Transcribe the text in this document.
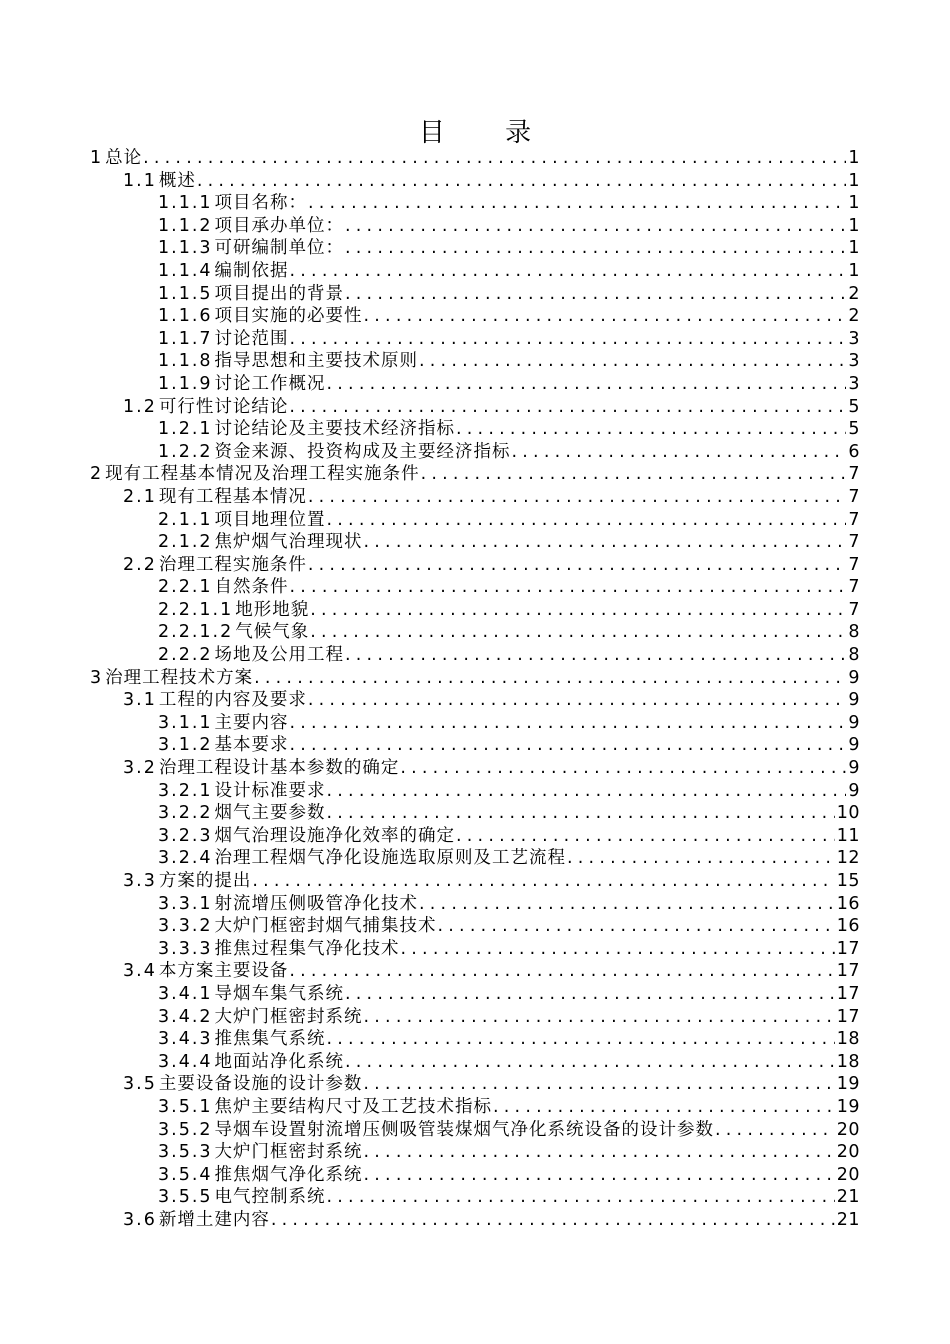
目 录
1 总论 .....	1
1.1 概述 .....	1
1.1.1 项目名称： .....	1
1.1.2 项目承办单位： .....	1
1.1.3 可研编制单位： .....	1
1.1.4 编制依据 .....	1
1.1.5 项目提出的背景 .....	2
1.1.6 项目实施的必要性 .....	2
1.1.7 讨论范围 .....	3
1.1.8 指导思想和主要技术原则 .....	3
1.1.9 讨论工作概况 .....	3
1.2 可行性讨论结论 .....	5
1.2.1 讨论结论及主要技术经济指标 .....	5
1.2.2 资金来源、投资构成及主要经济指标 .....	6
2 现有工程基本情况及治理工程实施条件 .....	7
2.1 现有工程基本情况 .....	7
2.1.1 项目地理位置 .....	7
2.1.2 焦炉烟气治理现状 .....	7
2.2 治理工程实施条件 .....	7
2.2.1 自然条件 .....	7
2.2.1.1 地形地貌 .....	7
2.2.1.2 气候气象 .....	8
2.2.2 场地及公用工程 .....	8
3 治理工程技术方案 .....	9
3.1 工程的内容及要求 .....	9
3.1.1 主要内容 .....	9
3.1.2 基本要求 .....	9
3.2 治理工程设计基本参数的确定 .....	9
3.2.1 设计标准要求 .....	9
3.2.2 烟气主要参数 .....	10
3.2.3 烟气治理设施净化效率的确定 .....	11
3.2.4 治理工程烟气净化设施选取原则及工艺流程 .....	12
3.3 方案的提出 .....	15
3.3.1 射流增压侧吸管净化技术 .....	16
3.3.2 大炉门框密封烟气捕集技术 .....	16
3.3.3 推焦过程集气净化技术 .....	17
3.4 本方案主要设备 .....	17
3.4.1 导烟车集气系统 .....	17
3.4.2 大炉门框密封系统 .....	17
3.4.3 推焦集气系统 .....	18
3.4.4 地面站净化系统 .....	18
3.5 主要设备设施的设计参数 .....	19
3.5.1 焦炉主要结构尺寸及工艺技术指标 .....	19
3.5.2 导烟车设置射流增压侧吸管装煤烟气净化系统设备的设计参数 .....	20
3.5.3 大炉门框密封系统 .....	20
3.5.4 推焦烟气净化系统 .....	20
3.5.5 电气控制系统 .....	21
3.6 新增土建内容 .....	21
